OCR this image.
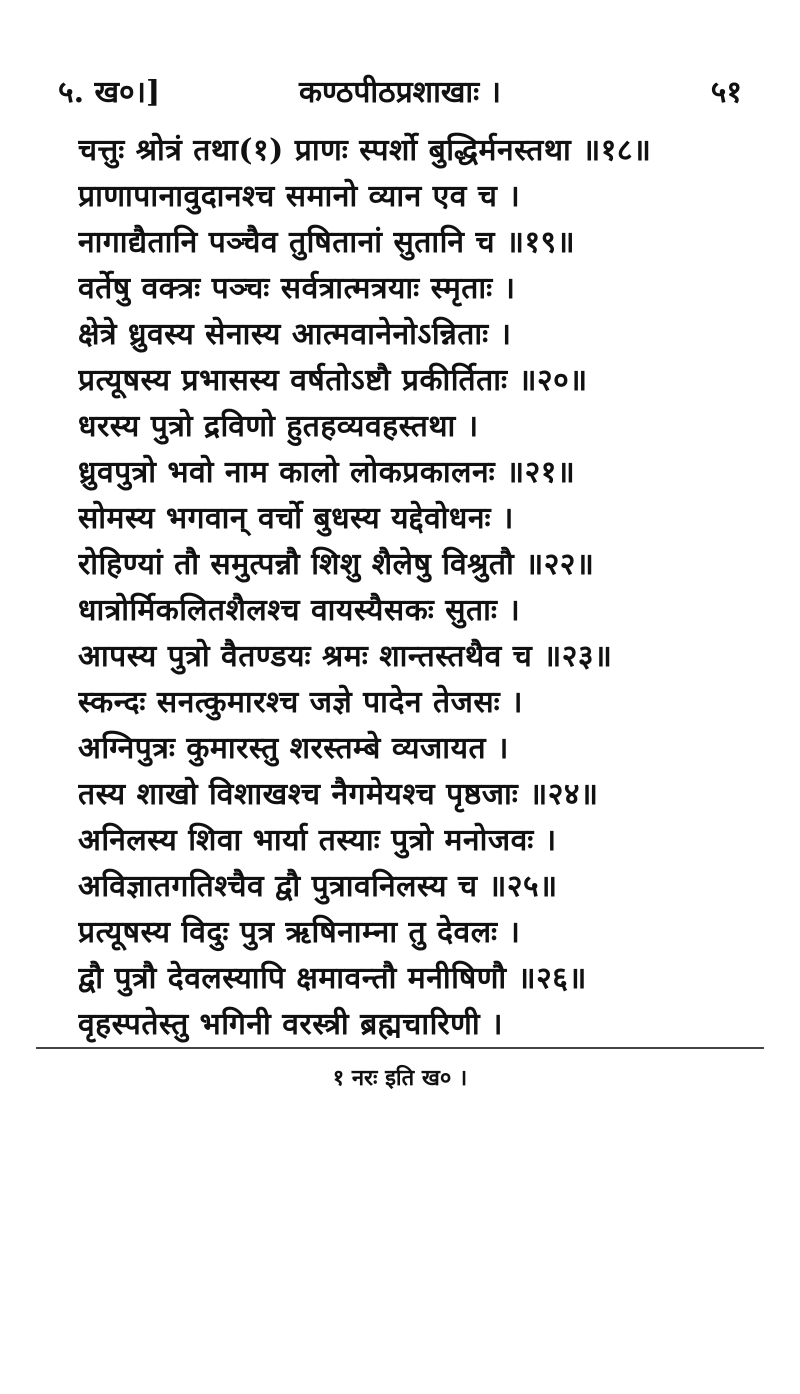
५. ख०।]	कण्ठपीठप्रशाखाः ।	५१
चत्तुः श्रोत्रं तथा(१) प्राणः स्पर्शो बुद्धिर्मनस्तथा ॥१८॥
प्राणापानावुदानश्च समानो व्यान एव च ।
नागाद्यैतानि पञ्चैव तुषितानां सुतानि च ॥१९॥
वर्तेषु वक्त्रः पञ्चः सर्वत्रात्मत्रयाः स्मृताः ।
क्षेत्रे ध्रुवस्य सेनास्य आत्मवानेनोऽन्निताः ।
प्रत्यूषस्य प्रभासस्य वर्षतोऽष्टौ प्रकीर्तिताः ॥२०॥
धरस्य पुत्रो द्रविणो हुतहव्यवहस्तथा ।
ध्रुवपुत्रो भवो नाम कालो लोकप्रकालनः ॥२१॥
सोमस्य भगवान् वर्चो बुधस्य यद्देवोधनः ।
रोहिण्यां तौ समुत्पन्नौ शिशु शैलेषु विश्रुतौ ॥२२॥
धात्रोर्मिकलितशैलश्च वायस्यैसकः सुताः ।
आपस्य पुत्रो वैतण्डयः श्रमः शान्तस्तथैव च ॥२३॥
स्कन्दः सनत्कुमारश्च जज्ञे पादेन तेजसः ।
अग्निपुत्रः कुमारस्तु शरस्तम्बे व्यजायत ।
तस्य शाखो विशाखश्च नैगमेयश्च पृष्ठजाः ॥२४॥
अनिलस्य शिवा भार्या तस्याः पुत्रो मनोजवः ।
अविज्ञातगतिश्चैव द्वौ पुत्रावनिलस्य च ॥२५॥
प्रत्यूषस्य विदुः पुत्र ऋषिनाम्ना तु देवलः ।
द्वौ पुत्रौ देवलस्यापि क्षमावन्तौ मनीषिणौ ॥२६॥
वृहस्पतेस्तु भगिनी वरस्त्री ब्रह्मचारिणी ।
१ नरः इति ख० ।
